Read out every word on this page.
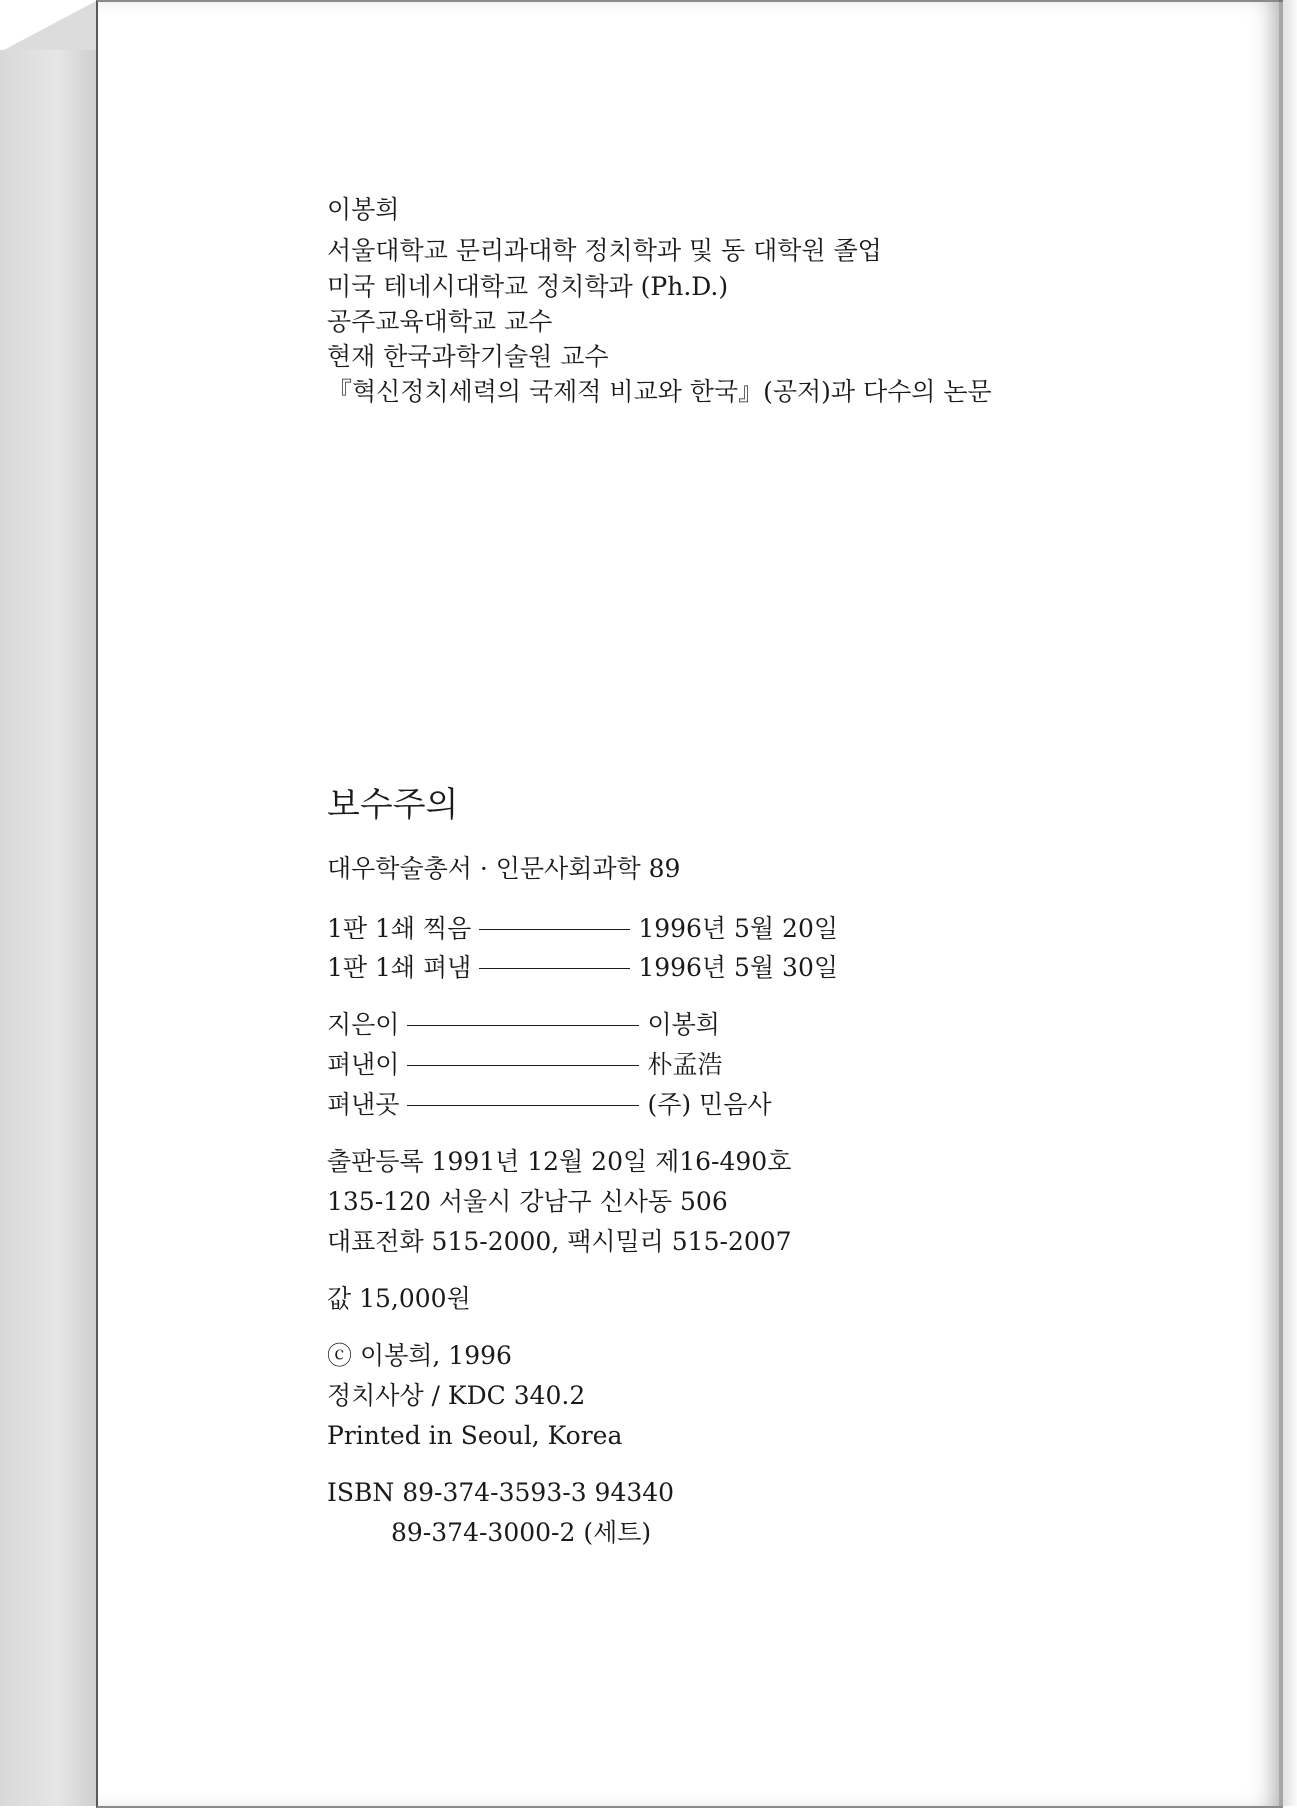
이봉희
서울대학교 문리과대학 정치학과 및 동 대학원 졸업
미국 테네시대학교 정치학과 (Ph.D.)
공주교육대학교 교수
현재 한국과학기술원 교수
『혁신정치세력의 국제적 비교와 한국』(공저)과 다수의 논문
보수주의
대우학술총서 · 인문사회과학 89
1판 1쇄 찍음	1996년 5월 20일
1판 1쇄 펴냄	1996년 5월 30일
지은이	이봉희
펴낸이	朴孟浩
펴낸곳	(주) 민음사
출판등록 1991년 12월 20일 제16-490호
135-120 서울시 강남구 신사동 506
대표전화 515-2000, 팩시밀리 515-2007
값 15,000원
ⓒ 이봉희, 1996
정치사상 / KDC 340.2
Printed in Seoul, Korea
ISBN 89-374-3593-3 94340
89-374-3000-2 (세트)
